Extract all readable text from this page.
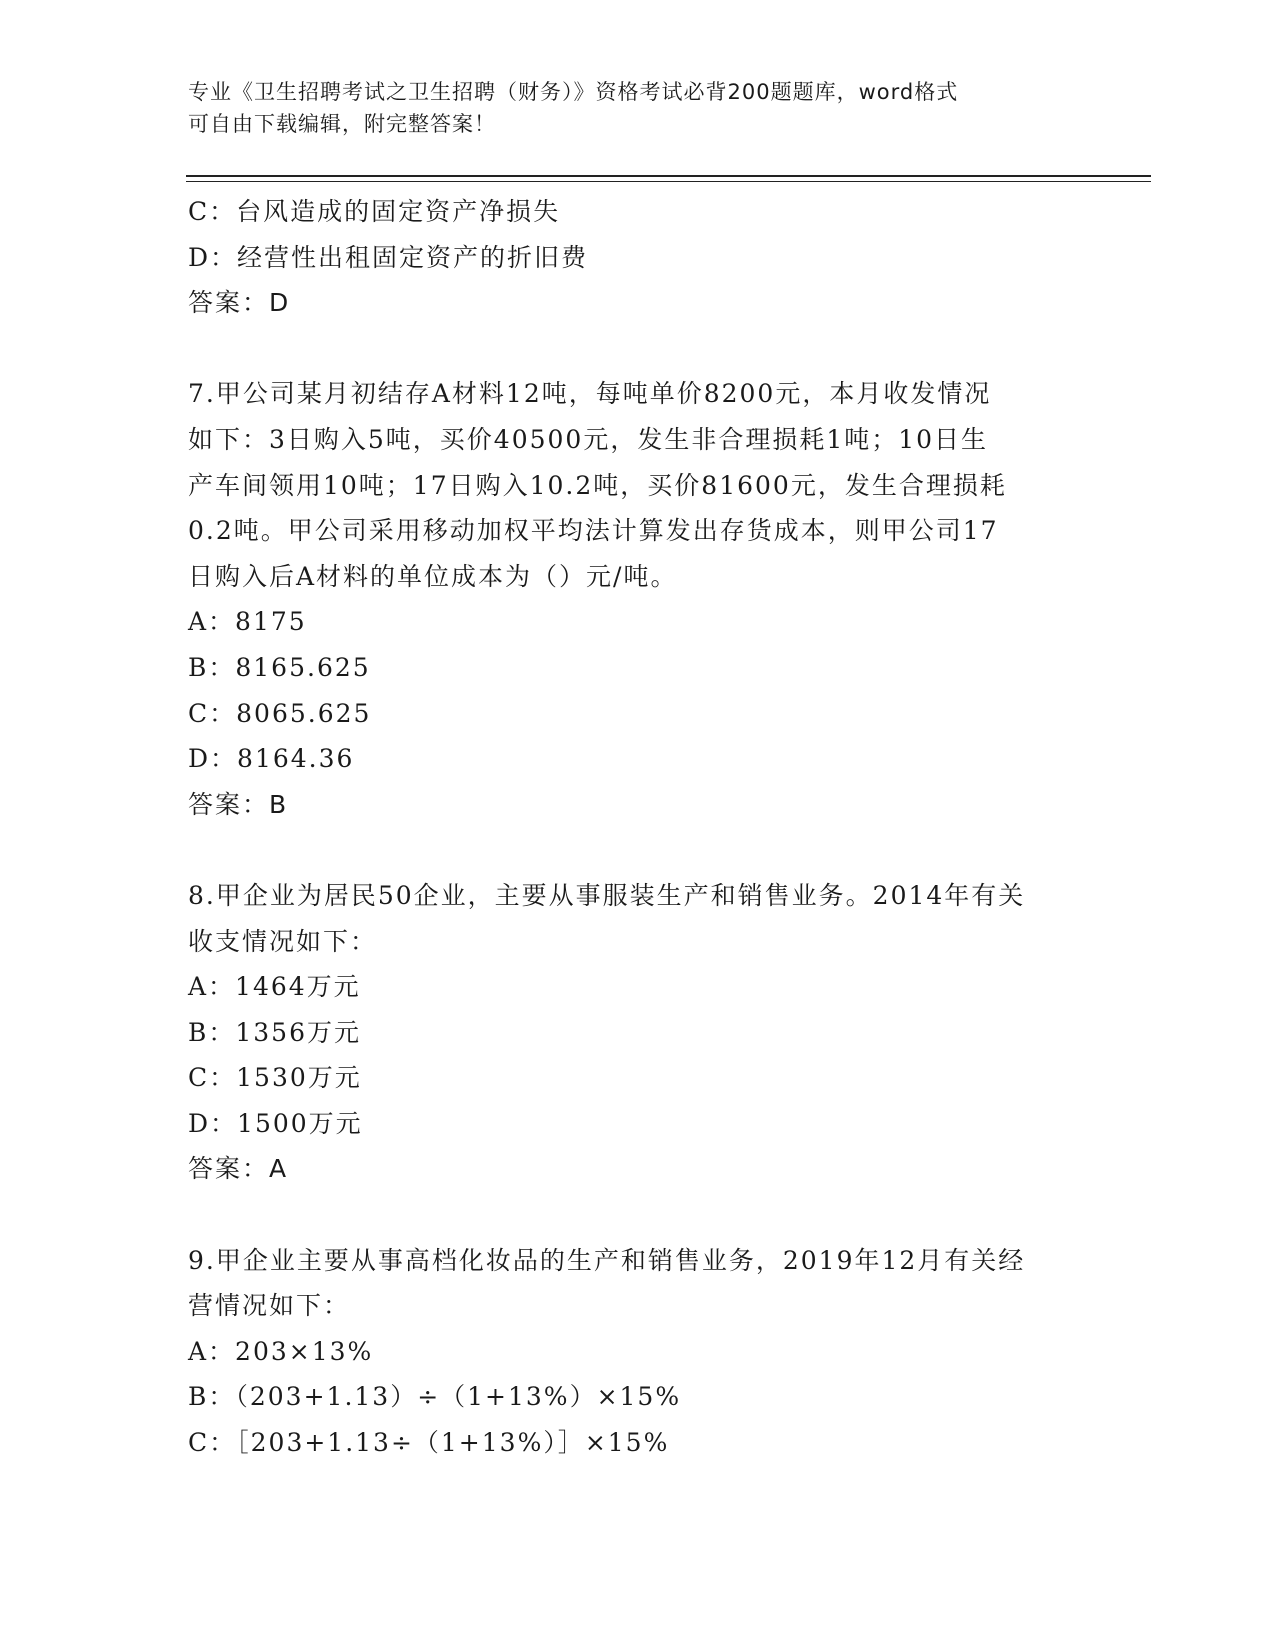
专业《卫生招聘考试之卫生招聘（财务）》资格考试必背200题题库，word格式
可自由下载编辑，附完整答案！
C：台风造成的固定资产净损失
D：经营性出租固定资产的折旧费
答案：D
7.甲公司某月初结存A材料12吨，每吨单价8200元，本月收发情况
如下：3日购入5吨，买价40500元，发生非合理损耗1吨；10日生
产车间领用10吨；17日购入10.2吨，买价81600元，发生合理损耗
0.2吨。甲公司采用移动加权平均法计算发出存货成本，则甲公司17
日购入后A材料的单位成本为（）元/吨。
A：8175
B：8165.625
C：8065.625
D：8164.36
答案：B
8.甲企业为居民50企业，主要从事服装生产和销售业务。2014年有关
收支情况如下：
A：1464万元
B：1356万元
C：1530万元
D：1500万元
答案：A
9.甲企业主要从事高档化妆品的生产和销售业务，2019年12月有关经
营情况如下：
A：203×13%
B：（203+1.13）÷（1+13%）×15%
C：［203+1.13÷（1+13%）］×15%
